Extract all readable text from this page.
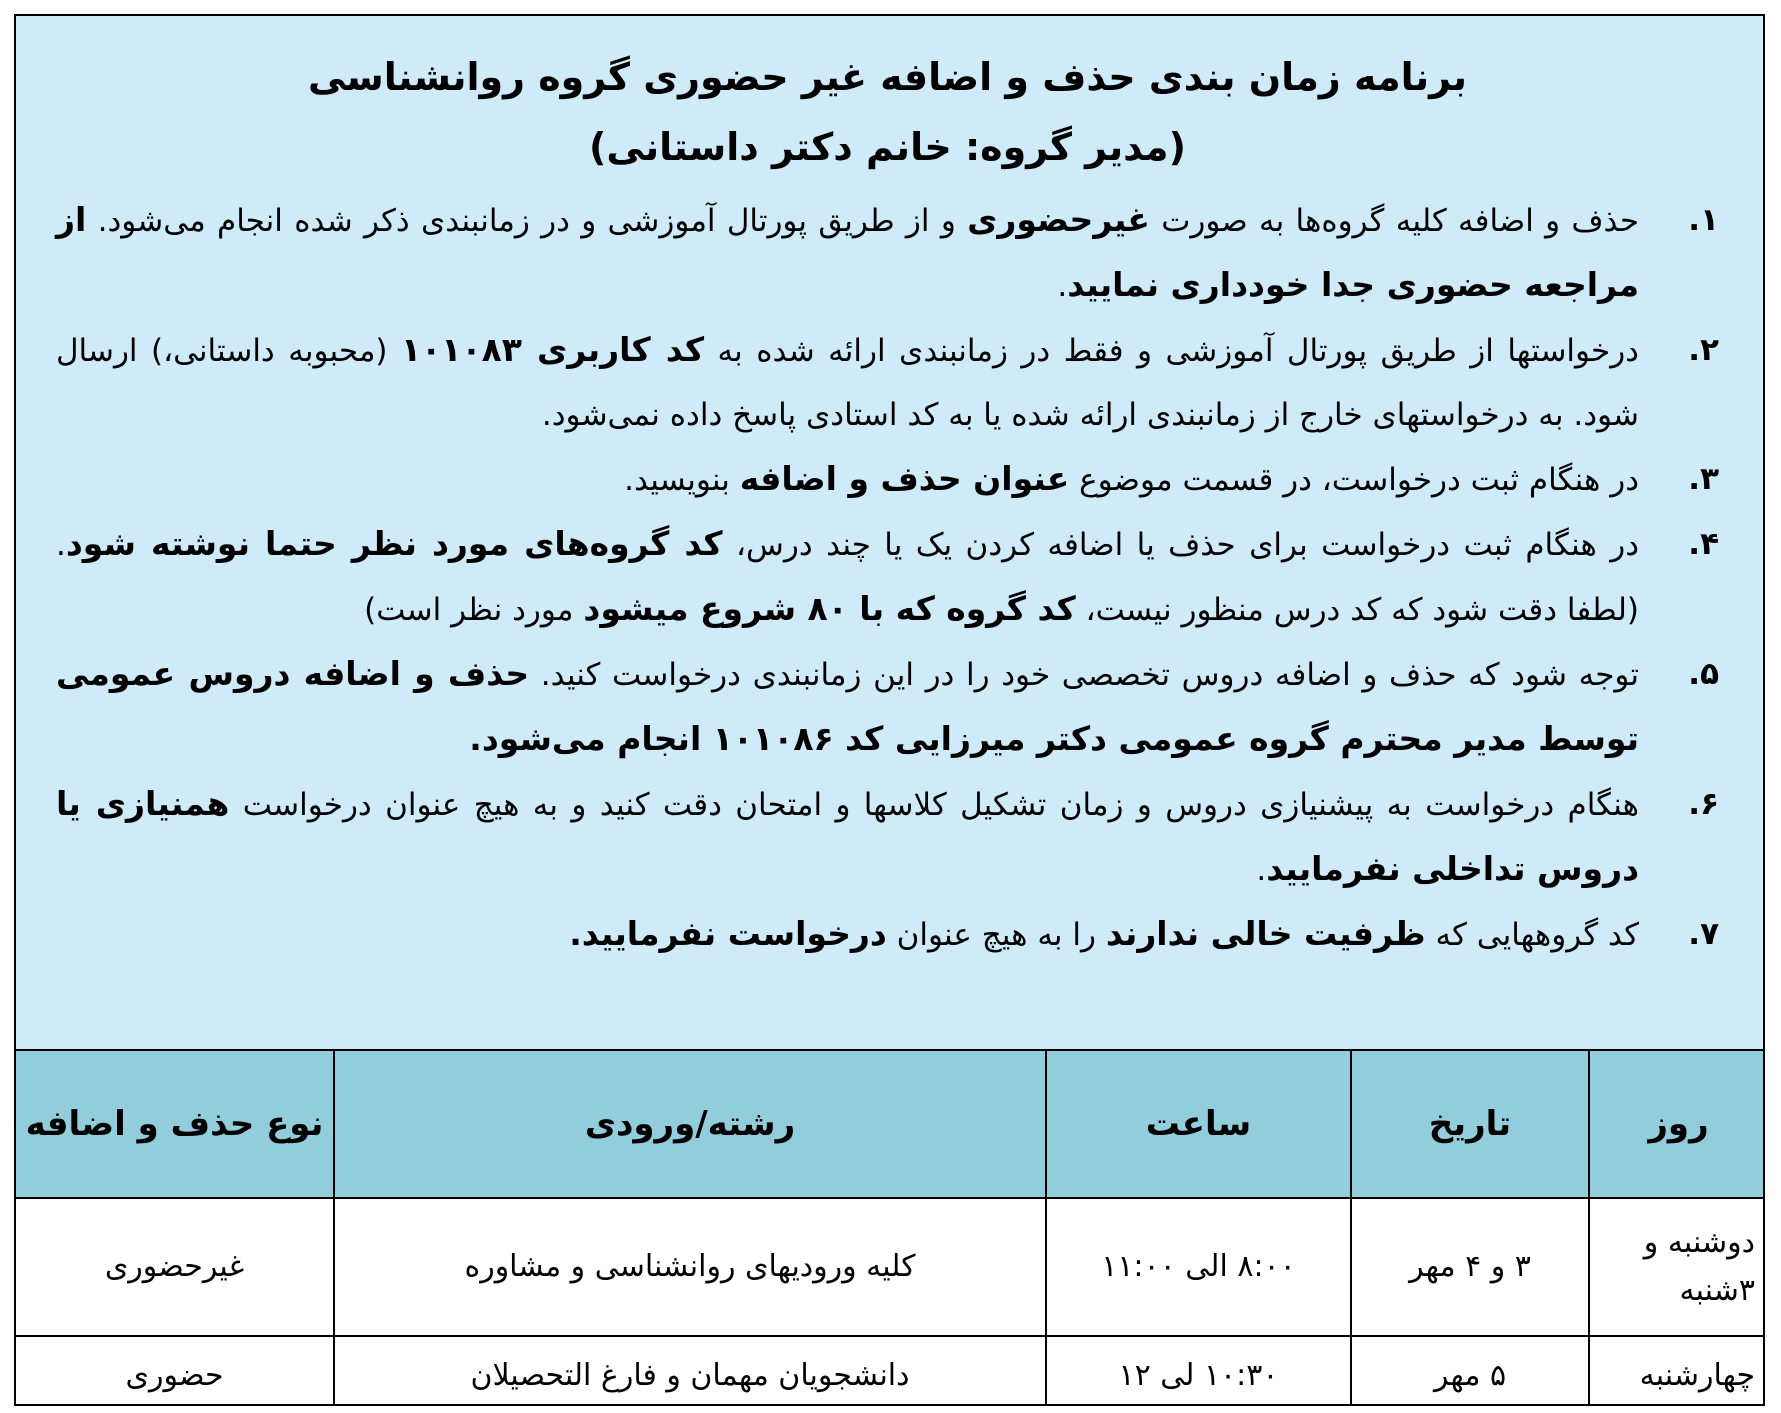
برنامه زمان بندی حذف و اضافه غیر حضوری گروه روانشناسی
(مدیر گروه: خانم دکتر داستانی)
۱.
حذف و اضافه کلیه گروه‌ها به صورت غیرحضوری و از طریق پورتال آموزشی و در زمانبندی ذکر شده انجام می‌شود. از مراجعه حضوری جدا خودداری نمایید.
۲.
درخواستها از طریق پورتال آموزشی و فقط در زمانبندی ارائه شده به کد کاربری ۱۰۱۰۸۳ (محبوبه داستانی،) ارسال شود. به درخواستهای خارج از زمانبندی ارائه شده یا به کد استادی پاسخ داده نمی‌شود.
۳.
در هنگام ثبت درخواست، در قسمت موضوع عنوان حذف و اضافه بنویسید.
۴.
در هنگام ثبت درخواست برای حذف یا اضافه کردن یک یا چند درس، کد گروه‌های مورد نظر حتما نوشته شود. (لطفا دقت شود که کد درس منظور نیست، کد گروه که با ۸۰ شروع میشود مورد نظر است)
۵.
توجه شود که حذف و اضافه دروس تخصصی خود را در این زمانبندی درخواست کنید. حذف و اضافه دروس عمومی توسط مدیر محترم گروه عمومی دکتر میرزایی کد ۱۰۱۰۸۶ انجام می‌شود.
۶.
هنگام درخواست به پیشنیازی دروس و زمان تشکیل کلاسها و امتحان دقت کنید و به هیچ عنوان درخواست همنیازی یا دروس تداخلی نفرمایید.
۷.
کد گروههایی که ظرفیت خالی ندارند را به هیچ عنوان درخواست نفرمایید.
روز	تاریخ	ساعت	رشته/ورودی	نوع حذف و اضافه
دوشنبه و ۳شنبه	۳ و ۴ مهر	۸:۰۰ الی ۱۱:۰۰	کلیه ورودیهای روانشناسی و مشاوره	غیرحضوری
چهارشنبه	۵ مهر	۱۰:۳۰ لی ۱۲	دانشجویان مهمان و فارغ التحصیلان	حضوری
